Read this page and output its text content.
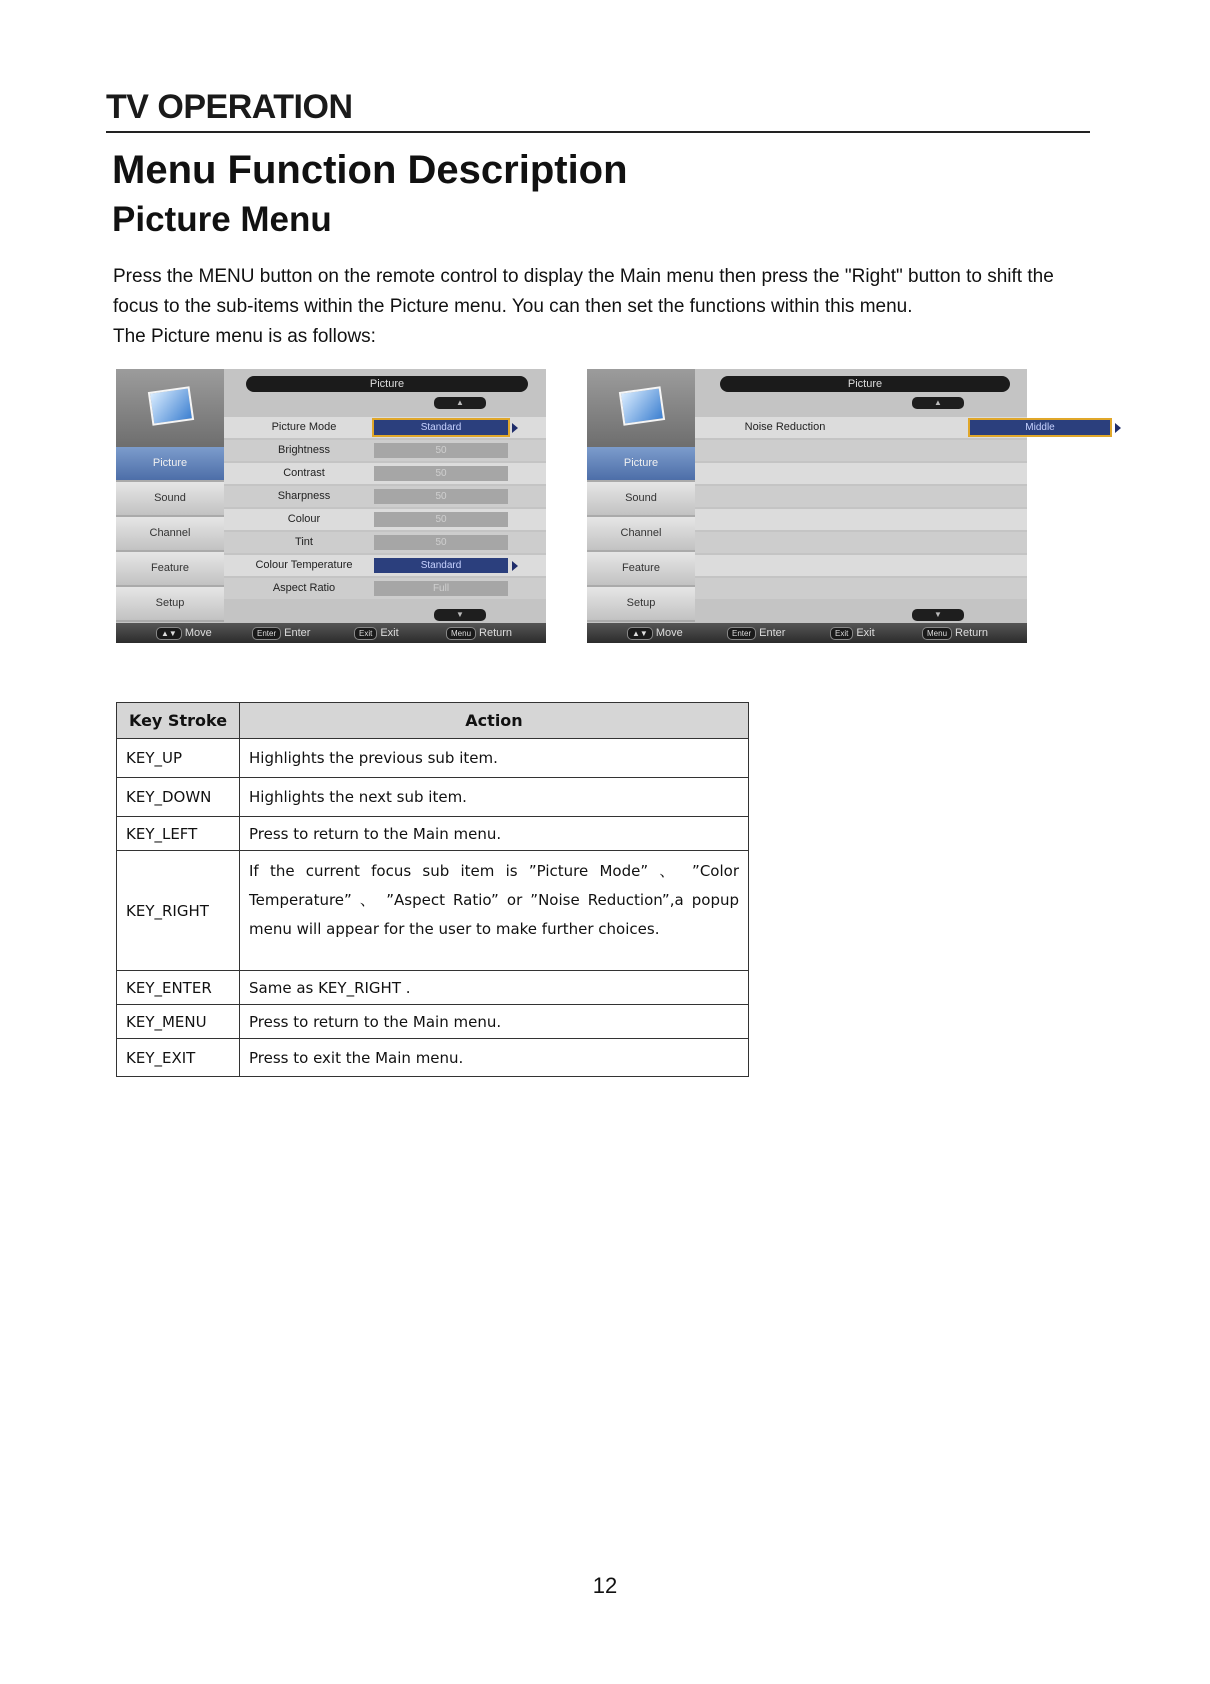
TV OPERATION
Menu Function Description
Picture Menu

Press the MENU button on the remote control to display the Main menu then press the "Right" button to shift the focus to the sub-items within the Picture menu. You can then set the functions within this menu.

The Picture menu is as follows:

Picture
▲
Picture
Sound
Channel
Feature
Setup
Picture Mode	Standard
Brightness	50
Contrast	50
Sharpness	50
Colour	50
Tint	50
Colour Temperature	Standard
Aspect Ratio	Full
▼
▲▼ Move	Enter Enter	Exit Exit	Menu Return
Picture
▲
Picture
Sound
Channel
Feature
Setup
Noise Reduction	Middle
▼
▲▼ Move	Enter Enter	Exit Exit	Menu Return
Key Stroke	Action
KEY_UP	Highlights the previous sub item.
KEY_DOWN	Highlights the next sub item.
KEY_LEFT	Press to return to the Main menu.
KEY_RIGHT	If the current focus sub item is ”Picture Mode” 、 ”Color Temperature” 、 ”Aspect Ratio” or ”Noise Reduction”,a popup menu will appear for the user to make further choices.
KEY_ENTER	Same as KEY_RIGHT .
KEY_MENU	Press to return to the Main menu.
KEY_EXIT	Press to exit the Main menu.
12
